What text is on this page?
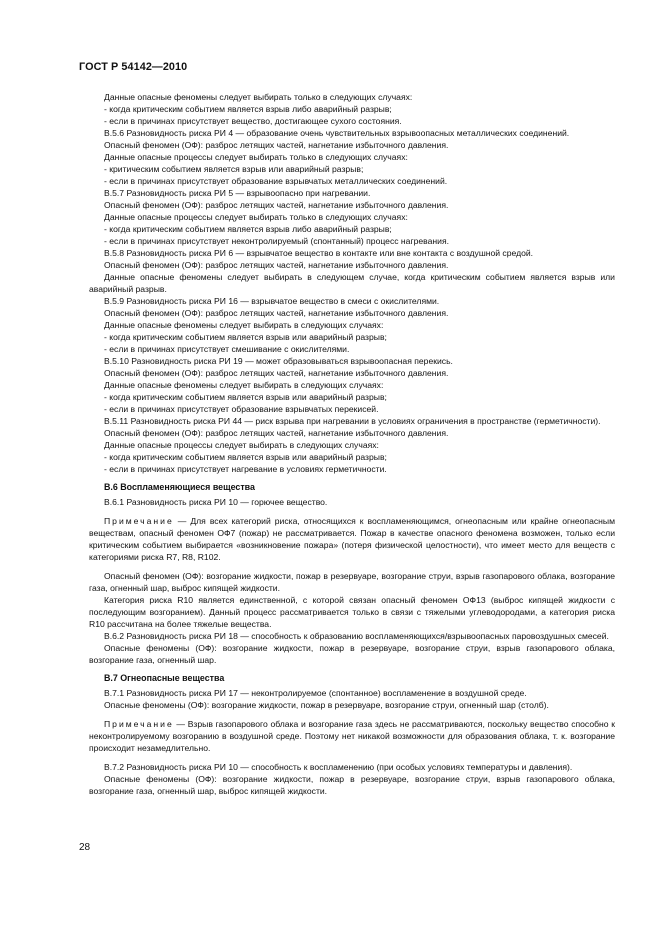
ГОСТ Р 54142—2010

Данные опасные феномены следует выбирать только в следующих случаях:

- когда критическим событием является взрыв либо аварийный разрыв;

- если в причинах присутствует вещество, достигающее сухого состояния.

В.5.6 Разновидность риска РИ 4 — образование очень чувствительных взрывоопасных металлических соединений.

Опасный феномен (ОФ): разброс летящих частей, нагнетание избыточного давления.

Данные опасные процессы следует выбирать только в следующих случаях:

- критическим событием является взрыв или аварийный разрыв;

- если в причинах присутствует образование взрывчатых металлических соединений.

В.5.7 Разновидность риска РИ 5 — взрывоопасно при нагревании.

Опасный феномен (ОФ): разброс летящих частей, нагнетание избыточного давления.

Данные опасные процессы следует выбирать только в следующих случаях:

- когда критическим событием является взрыв либо аварийный разрыв;

- если в причинах присутствует неконтролируемый (спонтанный) процесс нагревания.

В.5.8 Разновидность риска РИ 6 — взрывчатое вещество в контакте или вне контакта с воздушной средой.

Опасный феномен (ОФ): разброс летящих частей, нагнетание избыточного давления.

Данные опасные феномены следует выбирать в следующем случае, когда критическим событием является взрыв или аварийный разрыв.

В.5.9 Разновидность риска РИ 16 — взрывчатое вещество в смеси с окислителями.

Опасный феномен (ОФ): разброс летящих частей, нагнетание избыточного давления.

Данные опасные феномены следует выбирать в следующих случаях:

- когда критическим событием является взрыв или аварийный разрыв;

- если в причинах присутствует смешивание с окислителями.

В.5.10 Разновидность риска РИ 19 — может образовываться взрывоопасная перекись.

Опасный феномен (ОФ): разброс летящих частей, нагнетание избыточного давления.

Данные опасные феномены следует выбирать в следующих случаях:

- когда критическим событием является взрыв или аварийный разрыв;

- если в причинах присутствует образование взрывчатых перекисей.

В.5.11 Разновидность риска РИ 44 — риск взрыва при нагревании в условиях ограничения в пространстве (герметичности).

Опасный феномен (ОФ): разброс летящих частей, нагнетание избыточного давления.

Данные опасные процессы следует выбирать в следующих случаях:

- когда критическим событием является взрыв или аварийный разрыв;

- если в причинах присутствует нагревание в условиях герметичности.

В.6 Воспламеняющиеся вещества

В.6.1 Разновидность риска РИ 10 — горючее вещество.

Примечание — Для всех категорий риска, относящихся к воспламеняющимся, огнеопасным или крайне огнеопасным веществам, опасный феномен ОФ7 (пожар) не рассматривается. Пожар в качестве опасного феномена возможен, только если критическим событием выбирается «возникновение пожара» (потеря физической целостности), что имеет место для веществ с категориями риска R7, R8, R102.

Опасный феномен (ОФ): возгорание жидкости, пожар в резервуаре, возгорание струи, взрыв газопарового облака, возгорание газа, огненный шар, выброс кипящей жидкости.

Категория риска R10 является единственной, с которой связан опасный феномен ОФ13 (выброс кипящей жидкости с последующим возгоранием). Данный процесс рассматривается только в связи с тяжелыми углеводородами, а категория риска R10 рассчитана на более тяжелые вещества.

В.6.2 Разновидность риска РИ 18 — способность к образованию воспламеняющихся/взрывоопасных паровоздушных смесей.

Опасные феномены (ОФ): возгорание жидкости, пожар в резервуаре, возгорание струи, взрыв газопарового облака, возгорание газа, огненный шар.

В.7 Огнеопасные вещества

В.7.1 Разновидность риска РИ 17 — неконтролируемое (спонтанное) воспламенение в воздушной среде.

Опасные феномены (ОФ): возгорание жидкости, пожар в резервуаре, возгорание струи, огненный шар (столб).

Примечание — Взрыв газопарового облака и возгорание газа здесь не рассматриваются, поскольку вещество способно к неконтролируемому возгоранию в воздушной среде. Поэтому нет никакой возможности для образования облака, т. к. возгорание происходит незамедлительно.

В.7.2 Разновидность риска РИ 10 — способность к воспламенению (при особых условиях температуры и давления).

Опасные феномены (ОФ): возгорание жидкости, пожар в резервуаре, возгорание струи, взрыв газопарового облака, возгорание газа, огненный шар, выброс кипящей жидкости.

28
